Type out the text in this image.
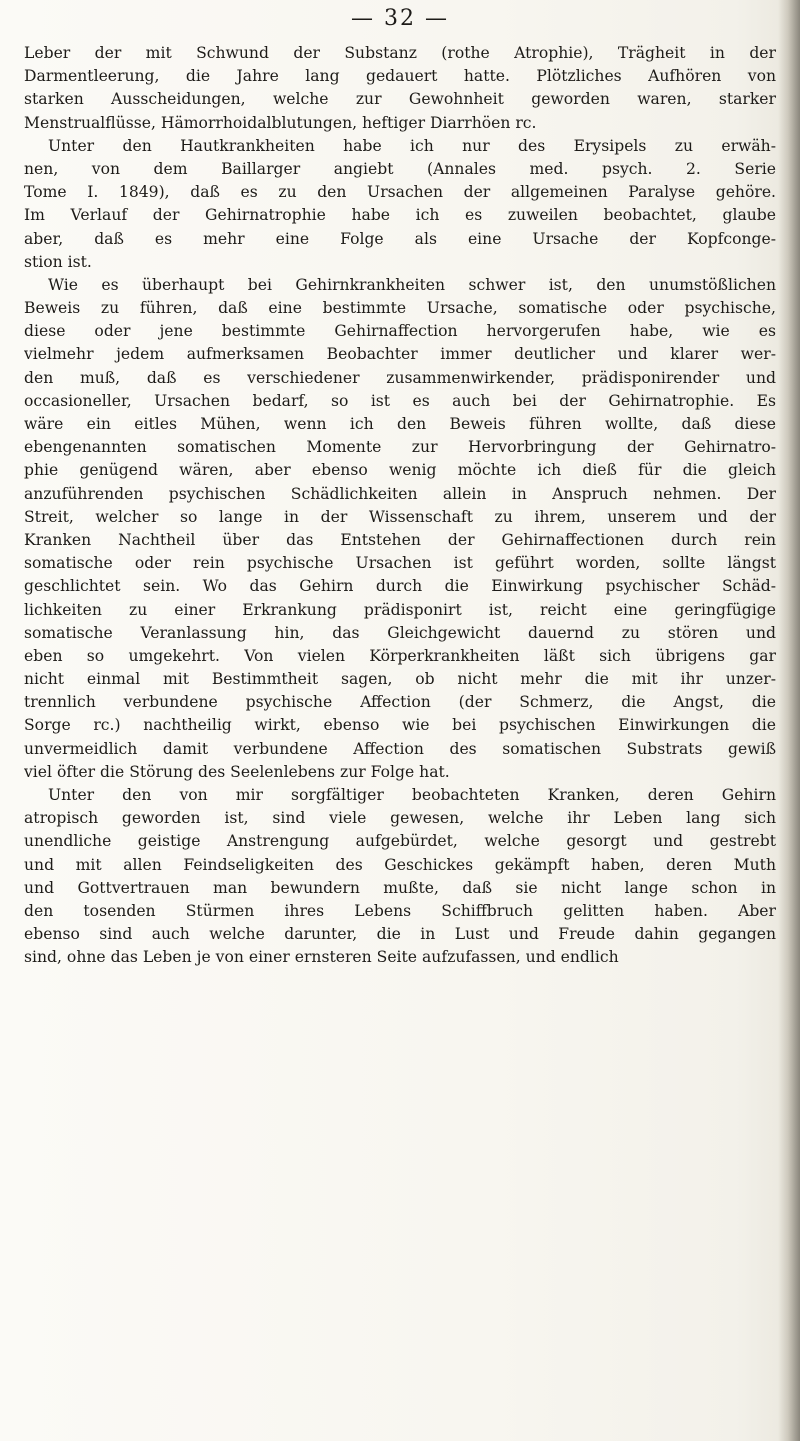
— 32 —
Leber der mit Schwund der Substanz (rothe Atrophie), Trägheit in der
Darmentleerung, die Jahre lang gedauert hatte. Plötzliches Aufhören von
starken Ausscheidungen, welche zur Gewohnheit geworden waren, starker
Menstrualflüsse, Hämorrhoidalblutungen, heftiger Diarrhöen rc.
Unter den Hautkrankheiten habe ich nur des Erysipels zu erwäh-
nen, von dem Baillarger angiebt (Annales med. psych. 2. Serie
Tome I. 1849), daß es zu den Ursachen der allgemeinen Paralyse gehöre.
Im Verlauf der Gehirnatrophie habe ich es zuweilen beobachtet, glaube
aber, daß es mehr eine Folge als eine Ursache der Kopfconge-
stion ist.
Wie es überhaupt bei Gehirnkrankheiten schwer ist, den unumstößlichen
Beweis zu führen, daß eine bestimmte Ursache, somatische oder psychische,
diese oder jene bestimmte Gehirnaffection hervorgerufen habe, wie es
vielmehr jedem aufmerksamen Beobachter immer deutlicher und klarer wer-
den muß, daß es verschiedener zusammenwirkender, prädisponirender und
occasioneller, Ursachen bedarf, so ist es auch bei der Gehirnatrophie. Es
wäre ein eitles Mühen, wenn ich den Beweis führen wollte, daß diese
ebengenannten somatischen Momente zur Hervorbringung der Gehirnatro-
phie genügend wären, aber ebenso wenig möchte ich dieß für die gleich
anzuführenden psychischen Schädlichkeiten allein in Anspruch nehmen. Der
Streit, welcher so lange in der Wissenschaft zu ihrem, unserem und der
Kranken Nachtheil über das Entstehen der Gehirnaffectionen durch rein
somatische oder rein psychische Ursachen ist geführt worden, sollte längst
geschlichtet sein. Wo das Gehirn durch die Einwirkung psychischer Schäd-
lichkeiten zu einer Erkrankung prädisponirt ist, reicht eine geringfügige
somatische Veranlassung hin, das Gleichgewicht dauernd zu stören und
eben so umgekehrt. Von vielen Körperkrankheiten läßt sich übrigens gar
nicht einmal mit Bestimmtheit sagen, ob nicht mehr die mit ihr unzer-
trennlich verbundene psychische Affection (der Schmerz, die Angst, die
Sorge rc.) nachtheilig wirkt, ebenso wie bei psychischen Einwirkungen die
unvermeidlich damit verbundene Affection des somatischen Substrats gewiß
viel öfter die Störung des Seelenlebens zur Folge hat.
Unter den von mir sorgfältiger beobachteten Kranken, deren Gehirn
atropisch geworden ist, sind viele gewesen, welche ihr Leben lang sich
unendliche geistige Anstrengung aufgebürdet, welche gesorgt und gestrebt
und mit allen Feindseligkeiten des Geschickes gekämpft haben, deren Muth
und Gottvertrauen man bewundern mußte, daß sie nicht lange schon in
den tosenden Stürmen ihres Lebens Schiffbruch gelitten haben. Aber
ebenso sind auch welche darunter, die in Lust und Freude dahin gegangen
sind, ohne das Leben je von einer ernsteren Seite aufzufassen, und endlich
